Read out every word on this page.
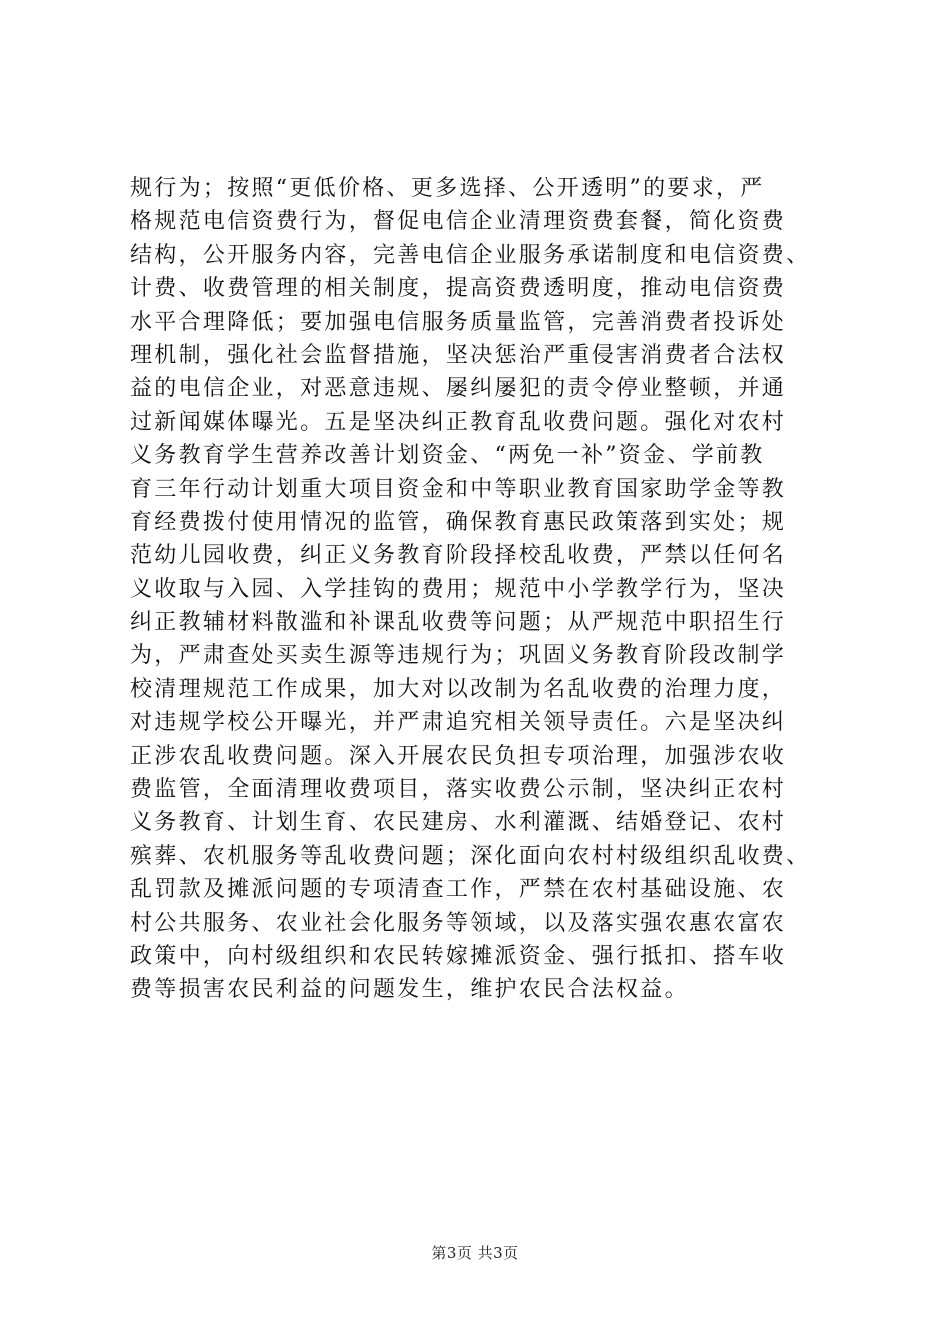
规行为；按照“更低价格、更多选择、公开透明”的要求，严
格规范电信资费行为，督促电信企业清理资费套餐，简化资费
结构，公开服务内容，完善电信企业服务承诺制度和电信资费、
计费、收费管理的相关制度，提高资费透明度，推动电信资费
水平合理降低；要加强电信服务质量监管，完善消费者投诉处
理机制，强化社会监督措施，坚决惩治严重侵害消费者合法权
益的电信企业，对恶意违规、屡纠屡犯的责令停业整顿，并通
过新闻媒体曝光。五是坚决纠正教育乱收费问题。强化对农村
义务教育学生营养改善计划资金、“两免一补”资金、学前教
育三年行动计划重大项目资金和中等职业教育国家助学金等教
育经费拨付使用情况的监管，确保教育惠民政策落到实处；规
范幼儿园收费，纠正义务教育阶段择校乱收费，严禁以任何名
义收取与入园、入学挂钩的费用；规范中小学教学行为，坚决
纠正教辅材料散滥和补课乱收费等问题；从严规范中职招生行
为，严肃查处买卖生源等违规行为；巩固义务教育阶段改制学
校清理规范工作成果，加大对以改制为名乱收费的治理力度，
对违规学校公开曝光，并严肃追究相关领导责任。六是坚决纠
正涉农乱收费问题。深入开展农民负担专项治理，加强涉农收
费监管，全面清理收费项目，落实收费公示制，坚决纠正农村
义务教育、计划生育、农民建房、水利灌溉、结婚登记、农村
殡葬、农机服务等乱收费问题；深化面向农村村级组织乱收费、
乱罚款及摊派问题的专项清查工作，严禁在农村基础设施、农
村公共服务、农业社会化服务等领域，以及落实强农惠农富农
政策中，向村级组织和农民转嫁摊派资金、强行抵扣、搭车收
费等损害农民利益的问题发生，维护农民合法权益。
第3页 共3页
